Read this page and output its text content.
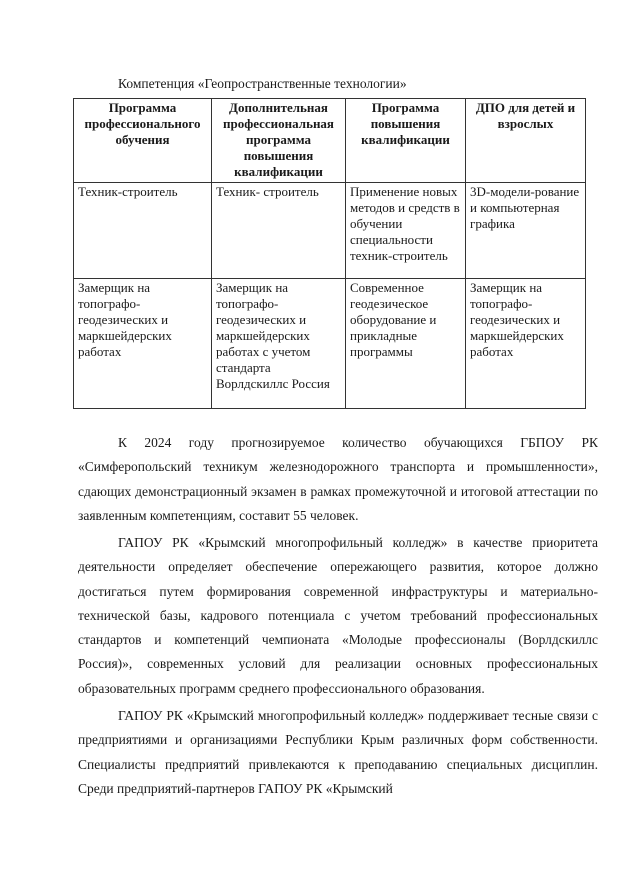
Компетенция «Геопространственные технологии»
Программа профессионального обучения	Дополнительная профессиональная программа повышения квалификации	Программа повышения квалификации	ДПО для детей и взрослых
Техник-строитель	Техник- строитель	Применение новых методов и средств в обучении специальности техник-строитель	3D-модели-рование и компьютерная графика
Замерщик на топографо-геодезических и маркшейдерских работах	Замерщик на топографо-геодезических и маркшейдерских работах с учетом стандарта Ворлдскиллс Россия	Современное геодезическое оборудование и прикладные программы	Замерщик на топографо-геодезических и маркшейдерских работах

К 2024 году прогнозируемое количество обучающихся ГБПОУ РК «Симферопольский техникум железнодорожного транспорта и промышленности», сдающих демонстрационный экзамен в рамках промежуточной и итоговой аттестации по заявленным компетенциям, составит 55 человек.

ГАПОУ РК «Крымский многопрофильный колледж» в качестве приоритета деятельности определяет обеспечение опережающего развития, которое должно достигаться путем формирования современной инфраструктуры и материально-технической базы, кадрового потенциала с учетом требований профессиональных стандартов и компетенций чемпионата «Молодые профессионалы (Ворлдскиллс Россия)», современных условий для реализации основных профессиональных образовательных программ среднего профессионального образования.

ГАПОУ РК «Крымский многопрофильный колледж» поддерживает тесные связи с предприятиями и организациями Республики Крым различных форм собственности. Специалисты предприятий привлекаются к преподаванию специальных дисциплин. Среди предприятий-партнеров ГАПОУ РК «Крымский
